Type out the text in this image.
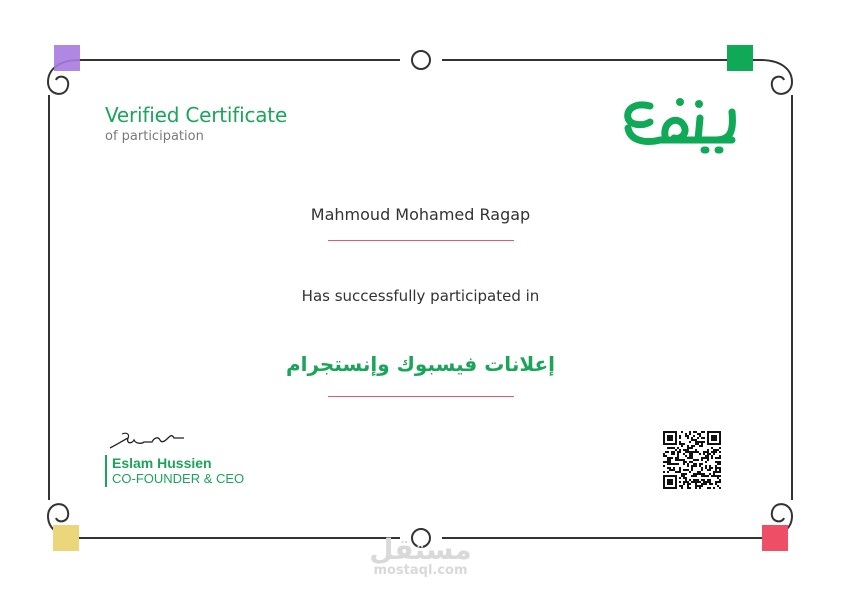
Verified Certificate
of participation
Mahmoud Mohamed Ragap
Has successfully participated in
إعلانات فيسبوك وإنستجرام
Eslam Hussien
CO-FOUNDER & CEO
مستقل
mostaql.com
